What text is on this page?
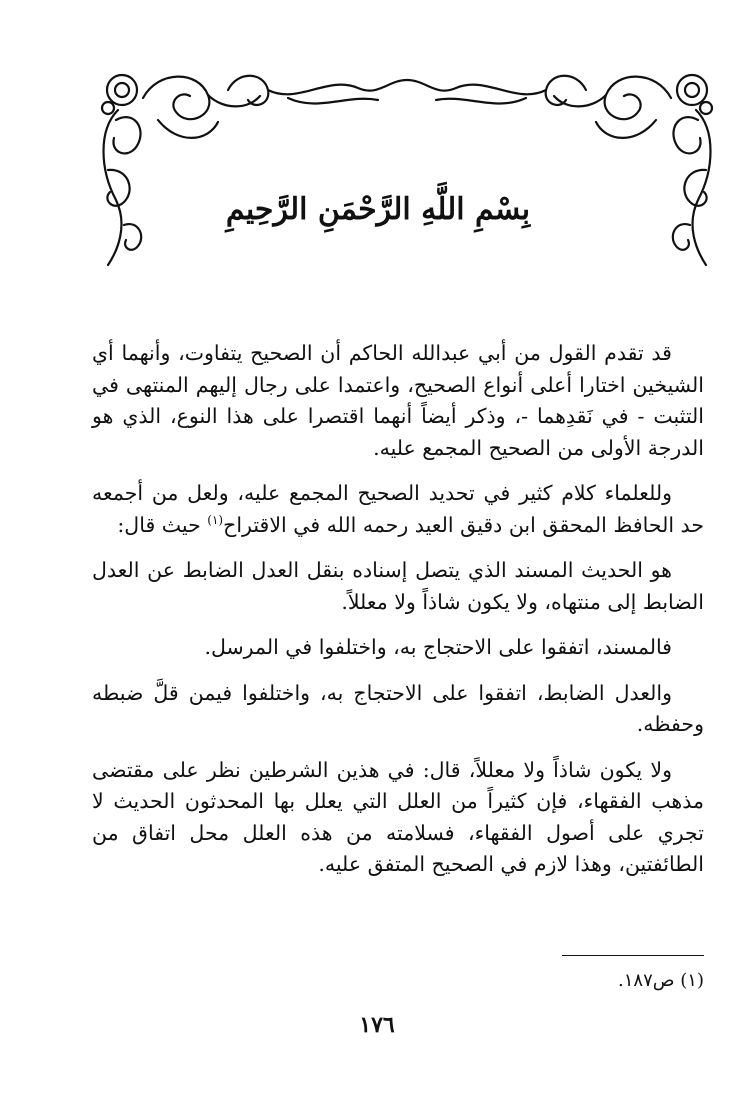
بِسْمِ اللَّهِ الرَّحْمَنِ الرَّحِيمِ

قد تقدم القول من أبي عبدالله الحاكم أن الصحيح يتفاوت، وأنهما أي الشيخين اختارا أعلى أنواع الصحيح، واعتمدا على رجال إليهم المنتهى في التثبت - في نَقدِهما -، وذكر أيضاً أنهما اقتصرا على هذا النوع، الذي هو الدرجة الأولى من الصحيح المجمع عليه.

وللعلماء كلام كثير في تحديد الصحيح المجمع عليه، ولعل من أجمعه حد الحافظ المحقق ابن دقيق العيد رحمه الله في الاقتراح$^{(١)}$ حيث قال:

هو الحديث المسند الذي يتصل إسناده بنقل العدل الضابط عن العدل الضابط إلى منتهاه، ولا يكون شاذاً ولا معللاً.

فالمسند، اتفقوا على الاحتجاج به، واختلفوا في المرسل.

والعدل الضابط، اتفقوا على الاحتجاج به، واختلفوا فيمن قلَّ ضبطه وحفظه.

ولا يكون شاذاً ولا معللاً، قال: في هذين الشرطين نظر على مقتضى مذهب الفقهاء، فإن كثيراً من العلل التي يعلل بها المحدثون الحديث لا تجري على أصول الفقهاء، فسلامته من هذه العلل محل اتفاق من الطائفتين، وهذا لازم في الصحيح المتفق عليه.

(١) ص١٨٧.
١٧٦
